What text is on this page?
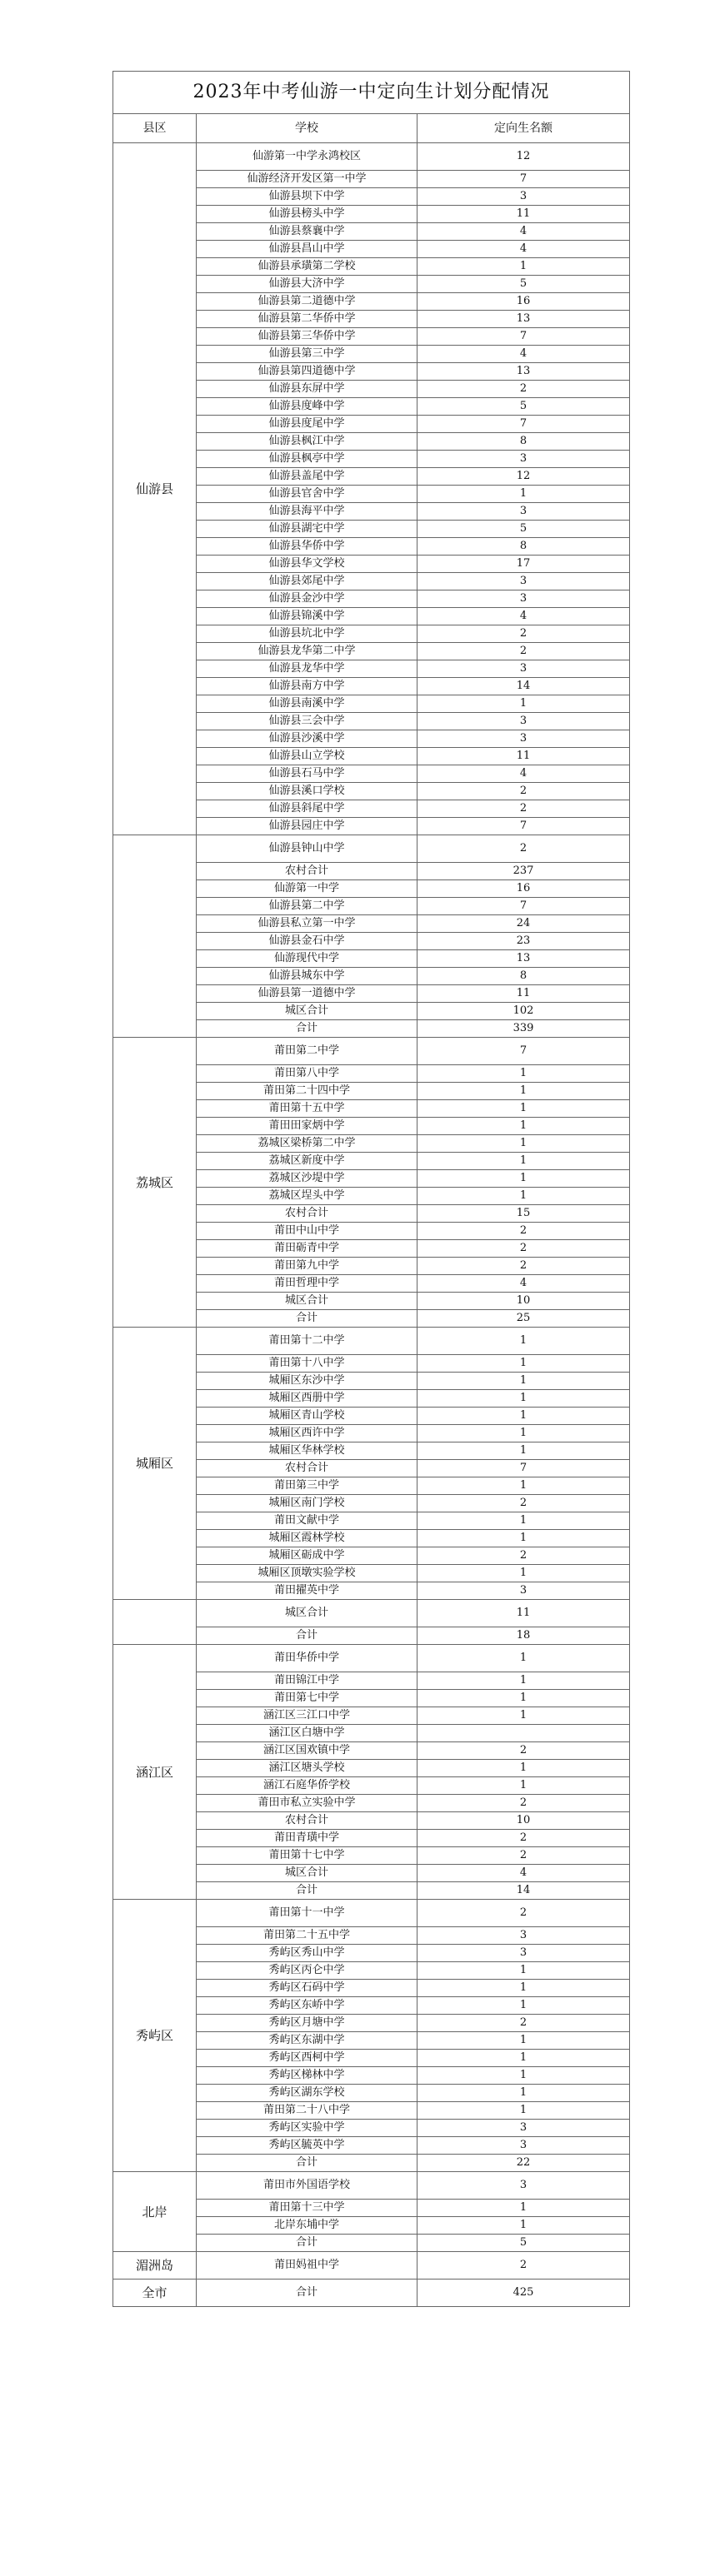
2023年中考仙游一中定向生计划分配情况		
县区	学校	定向生名额
仙游县	仙游第一中学永鸿校区	12
	仙游经济开发区第一中学	7
	仙游县坝下中学	3
	仙游县榜头中学	11
	仙游县蔡襄中学	4
	仙游县昌山中学	4
	仙游县承璜第二学校	1
	仙游县大济中学	5
	仙游县第二道德中学	16
	仙游县第二华侨中学	13
	仙游县第三华侨中学	7
	仙游县第三中学	4
	仙游县第四道德中学	13
	仙游县东屏中学	2
	仙游县度峰中学	5
	仙游县度尾中学	7
	仙游县枫江中学	8
	仙游县枫亭中学	3
	仙游县盖尾中学	12
	仙游县官舍中学	1
	仙游县海平中学	3
	仙游县湖宅中学	5
	仙游县华侨中学	8
	仙游县华文学校	17
	仙游县郊尾中学	3
	仙游县金沙中学	3
	仙游县锦溪中学	4
	仙游县坑北中学	2
	仙游县龙华第二中学	2
	仙游县龙华中学	3
	仙游县南方中学	14
	仙游县南溪中学	1
	仙游县三会中学	3
	仙游县沙溪中学	3
	仙游县山立学校	11
	仙游县石马中学	4
	仙游县溪口学校	2
	仙游县斜尾中学	2
	仙游县园庄中学	7
	仙游县钟山中学	2
	农村合计	237
	仙游第一中学	16
	仙游县第二中学	7
	仙游县私立第一中学	24
	仙游县金石中学	23
	仙游现代中学	13
	仙游县城东中学	8
	仙游县第一道德中学	11
	城区合计	102
	合计	339
荔城区	莆田第二中学	7
	莆田第八中学	1
	莆田第二十四中学	1
	莆田第十五中学	1
	莆田田家炳中学	1
	荔城区梁桥第二中学	1
	荔城区新度中学	1
	荔城区沙堤中学	1
	荔城区埕头中学	1
	农村合计	15
	莆田中山中学	2
	莆田砺青中学	2
	莆田第九中学	2
	莆田哲理中学	4
	城区合计	10
	合计	25
城厢区	莆田第十二中学	1
	莆田第十八中学	1
	城厢区东沙中学	1
	城厢区西册中学	1
	城厢区青山学校	1
	城厢区西许中学	1
	城厢区华林学校	1
	农村合计	7
	莆田第三中学	1
	城厢区南门学校	2
	莆田文献中学	1
	城厢区霞林学校	1
	城厢区砺成中学	2
	城厢区顶墩实验学校	1
	莆田擢英中学	3
	城区合计	11
	合计	18
涵江区	莆田华侨中学	1
	莆田锦江中学	1
	莆田第七中学	1
	涵江区三江口中学	1
	涵江区白塘中学	
	涵江区国欢镇中学	2
	涵江区塘头学校	1
	涵江石庭华侨学校	1
	莆田市私立实验中学	2
	农村合计	10
	莆田青璜中学	2
	莆田第十七中学	2
	城区合计	4
	合计	14
秀屿区	莆田第十一中学	2
	莆田第二十五中学	3
	秀屿区秀山中学	3
	秀屿区丙仑中学	1
	秀屿区石码中学	1
	秀屿区东峤中学	1
	秀屿区月塘中学	2
	秀屿区东湖中学	1
	秀屿区西柯中学	1
	秀屿区梯林中学	1
	秀屿区湖东学校	1
	莆田第二十八中学	1
	秀屿区实验中学	3
	秀屿区毓英中学	3
	合计	22
北岸	莆田市外国语学校	3
	莆田第十三中学	1
	北岸东埔中学	1
	合计	5
湄洲岛	莆田妈祖中学	2
全市	合计	425
